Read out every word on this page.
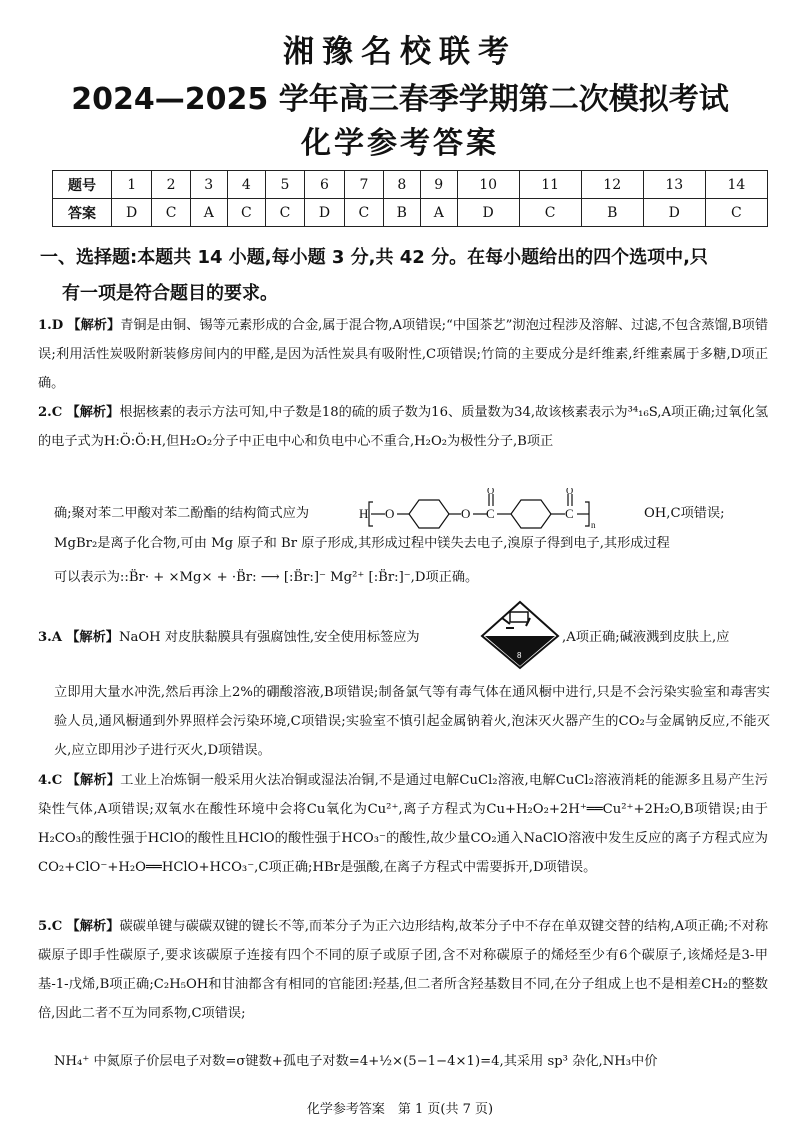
湘豫名校联考
2024—2025 学年高三春季学期第二次模拟考试
化学参考答案
题号	1	2	3	4	5	6	7	8	9	10	11	12	13	14
答案	D	C	A	C	C	D	C	B	A	D	C	B	D	C
一、选择题:本题共 14 小题,每小题 3 分,共 42 分。在每小题给出的四个选项中,只
有一项是符合题目的要求。
1.D 【解析】青铜是由铜、锡等元素形成的合金,属于混合物,A项错误;“中国茶艺”沏泡过程涉及溶解、过滤,不包含蒸馏,B项错误;利用活性炭吸附新装修房间内的甲醛,是因为活性炭具有吸附性,C项错误;竹筒的主要成分是纤维素,纤维素属于多糖,D项正确。
2.C 【解析】根据核素的表示方法可知,中子数是18的硫的质子数为16、质量数为34,故该核素表示为³⁴₁₆S,A项正确;过氧化氢的电子式为H:Ö:Ö:H,但H₂O₂分子中正电中心和负电中心不重合,H₂O₂为极性分子,B项正
确;聚对苯二甲酸对苯二酚酯的结构简式应为	H O	O C
O
C
O
n
OH,C项错误;
MgBr₂是离子化合物,可由 Mg 原子和 Br 原子形成,其形成过程中镁失去电子,溴原子得到电子,其形成过程
可以表示为::B̈r· + ×Mg× + ·B̈r: ⟶ [:B̈r:]⁻ Mg²⁺ [:B̈r:]⁻,D项正确。
3.A 【解析】NaOH 对皮肤黏膜具有强腐蚀性,安全使用标签应为
8
,A项正确;碱液溅到皮肤上,应
立即用大量水冲洗,然后再涂上2%的硼酸溶液,B项错误;制备氯气等有毒气体在通风橱中进行,只是不会污染实验室和毒害实验人员,通风橱通到外界照样会污染环境,C项错误;实验室不慎引起金属钠着火,泡沫灭火器产生的CO₂与金属钠反应,不能灭火,应立即用沙子进行灭火,D项错误。
4.C 【解析】工业上冶炼铜一般采用火法冶铜或湿法冶铜,不是通过电解CuCl₂溶液,电解CuCl₂溶液消耗的能源多且易产生污染性气体,A项错误;双氧水在酸性环境中会将Cu氧化为Cu²⁺,离子方程式为Cu+H₂O₂+2H⁺══Cu²⁺+2H₂O,B项错误;由于H₂CO₃的酸性强于HClO的酸性且HClO的酸性强于HCO₃⁻的酸性,故少量CO₂通入NaClO溶液中发生反应的离子方程式应为CO₂+ClO⁻+H₂O══HClO+HCO₃⁻,C项正确;HBr是强酸,在离子方程式中需要拆开,D项错误。
5.C 【解析】碳碳单键与碳碳双键的键长不等,而苯分子为正六边形结构,故苯分子中不存在单双键交替的结构,A项正确;不对称碳原子即手性碳原子,要求该碳原子连接有四个不同的原子或原子团,含不对称碳原子的烯烃至少有6个碳原子,该烯烃是3-甲基-1-戊烯,B项正确;C₂H₅OH和甘油都含有相同的官能团:羟基,但二者所含羟基数目不同,在分子组成上也不是相差CH₂的整数倍,因此二者不互为同系物,C项错误;
NH₄⁺ 中氮原子价层电子对数=σ键数+孤电子对数=4+½×(5−1−4×1)=4,其采用 sp³ 杂化,NH₃中价
化学参考答案　第 1 页(共 7 页)
